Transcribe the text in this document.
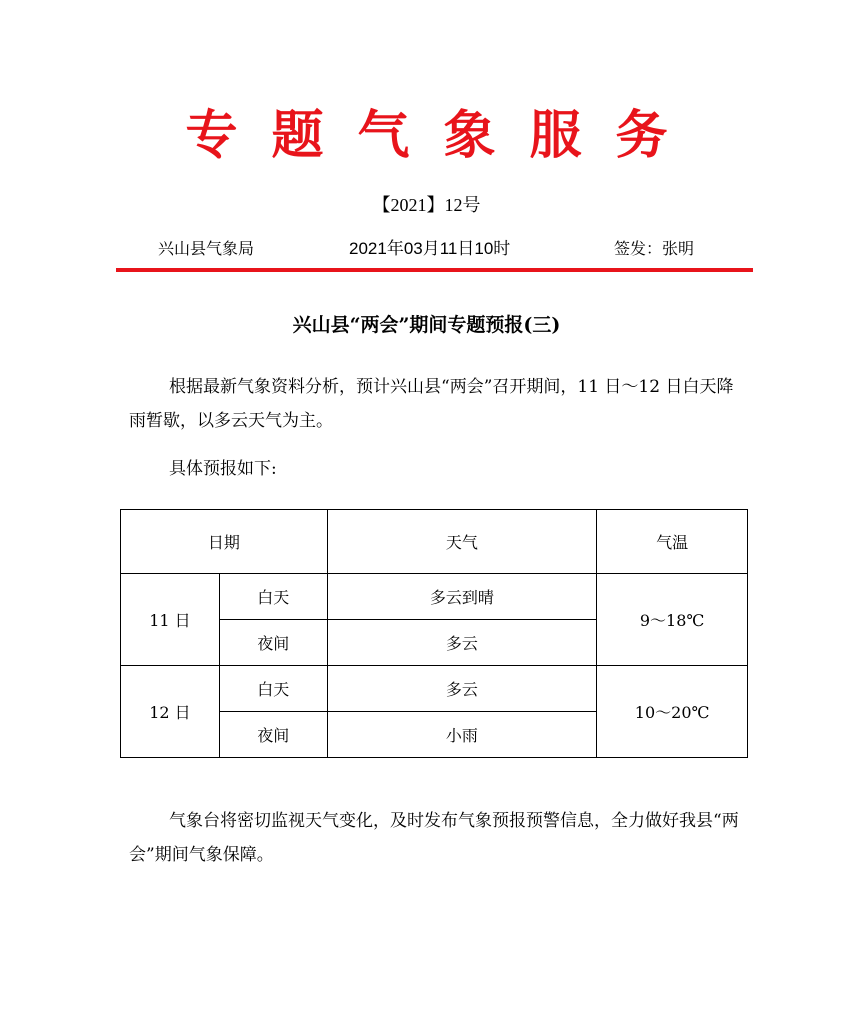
专题气象服务
【2021】12号
兴山县气象局	2021年03月11日10时	签发：张明
兴山县“两会”期间专题预报(三)

根据最新气象资料分析，预计兴山县“两会”召开期间，11 日～12 日白天降雨暂歇，以多云天气为主。

具体预报如下:

日期		天气	气温
11 日	白天	多云到晴	9～18℃
	夜间	多云	
12 日	白天	多云	10～20℃
	夜间	小雨	

气象台将密切监视天气变化，及时发布气象预报预警信息，全力做好我县“两会”期间气象保障。
